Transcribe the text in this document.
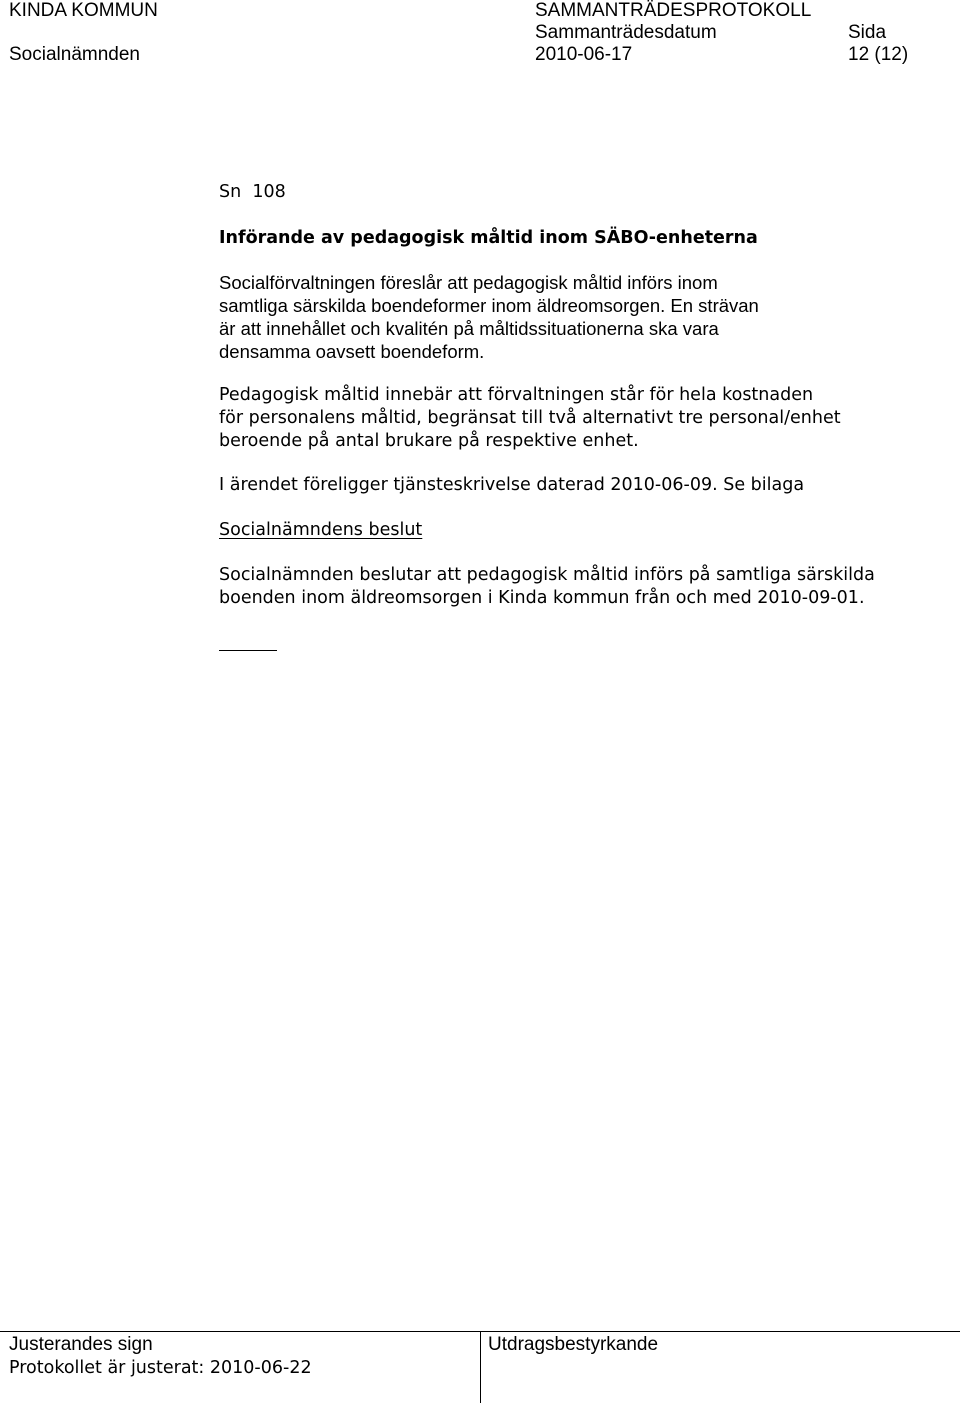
KINDA KOMMUN
Socialnämnden
SAMMANTRÄDESPROTOKOLL
Sammanträdesdatum
2010-06-17
Sida
12 (12)
Sn  108
Införande av pedagogisk måltid inom SÄBO-enheterna
Socialförvaltningen föreslår att pedagogisk måltid införs inom
samtliga särskilda boendeformer inom äldreomsorgen. En strävan
är att innehållet och kvalitén på måltidssituationerna ska vara
densamma oavsett boendeform.
Pedagogisk måltid innebär att förvaltningen står för hela kostnaden
för personalens måltid, begränsat till två alternativt tre personal/enhet
beroende på antal brukare på respektive enhet.
I ärendet föreligger tjänsteskrivelse daterad 2010-06-09. Se bilaga
Socialnämndens beslut
Socialnämnden beslutar att pedagogisk måltid införs på samtliga särskilda
boenden inom äldreomsorgen i Kinda kommun från och med 2010-09-01.
Justerandes sign
Protokollet är justerat: 2010-06-22
Utdragsbestyrkande
